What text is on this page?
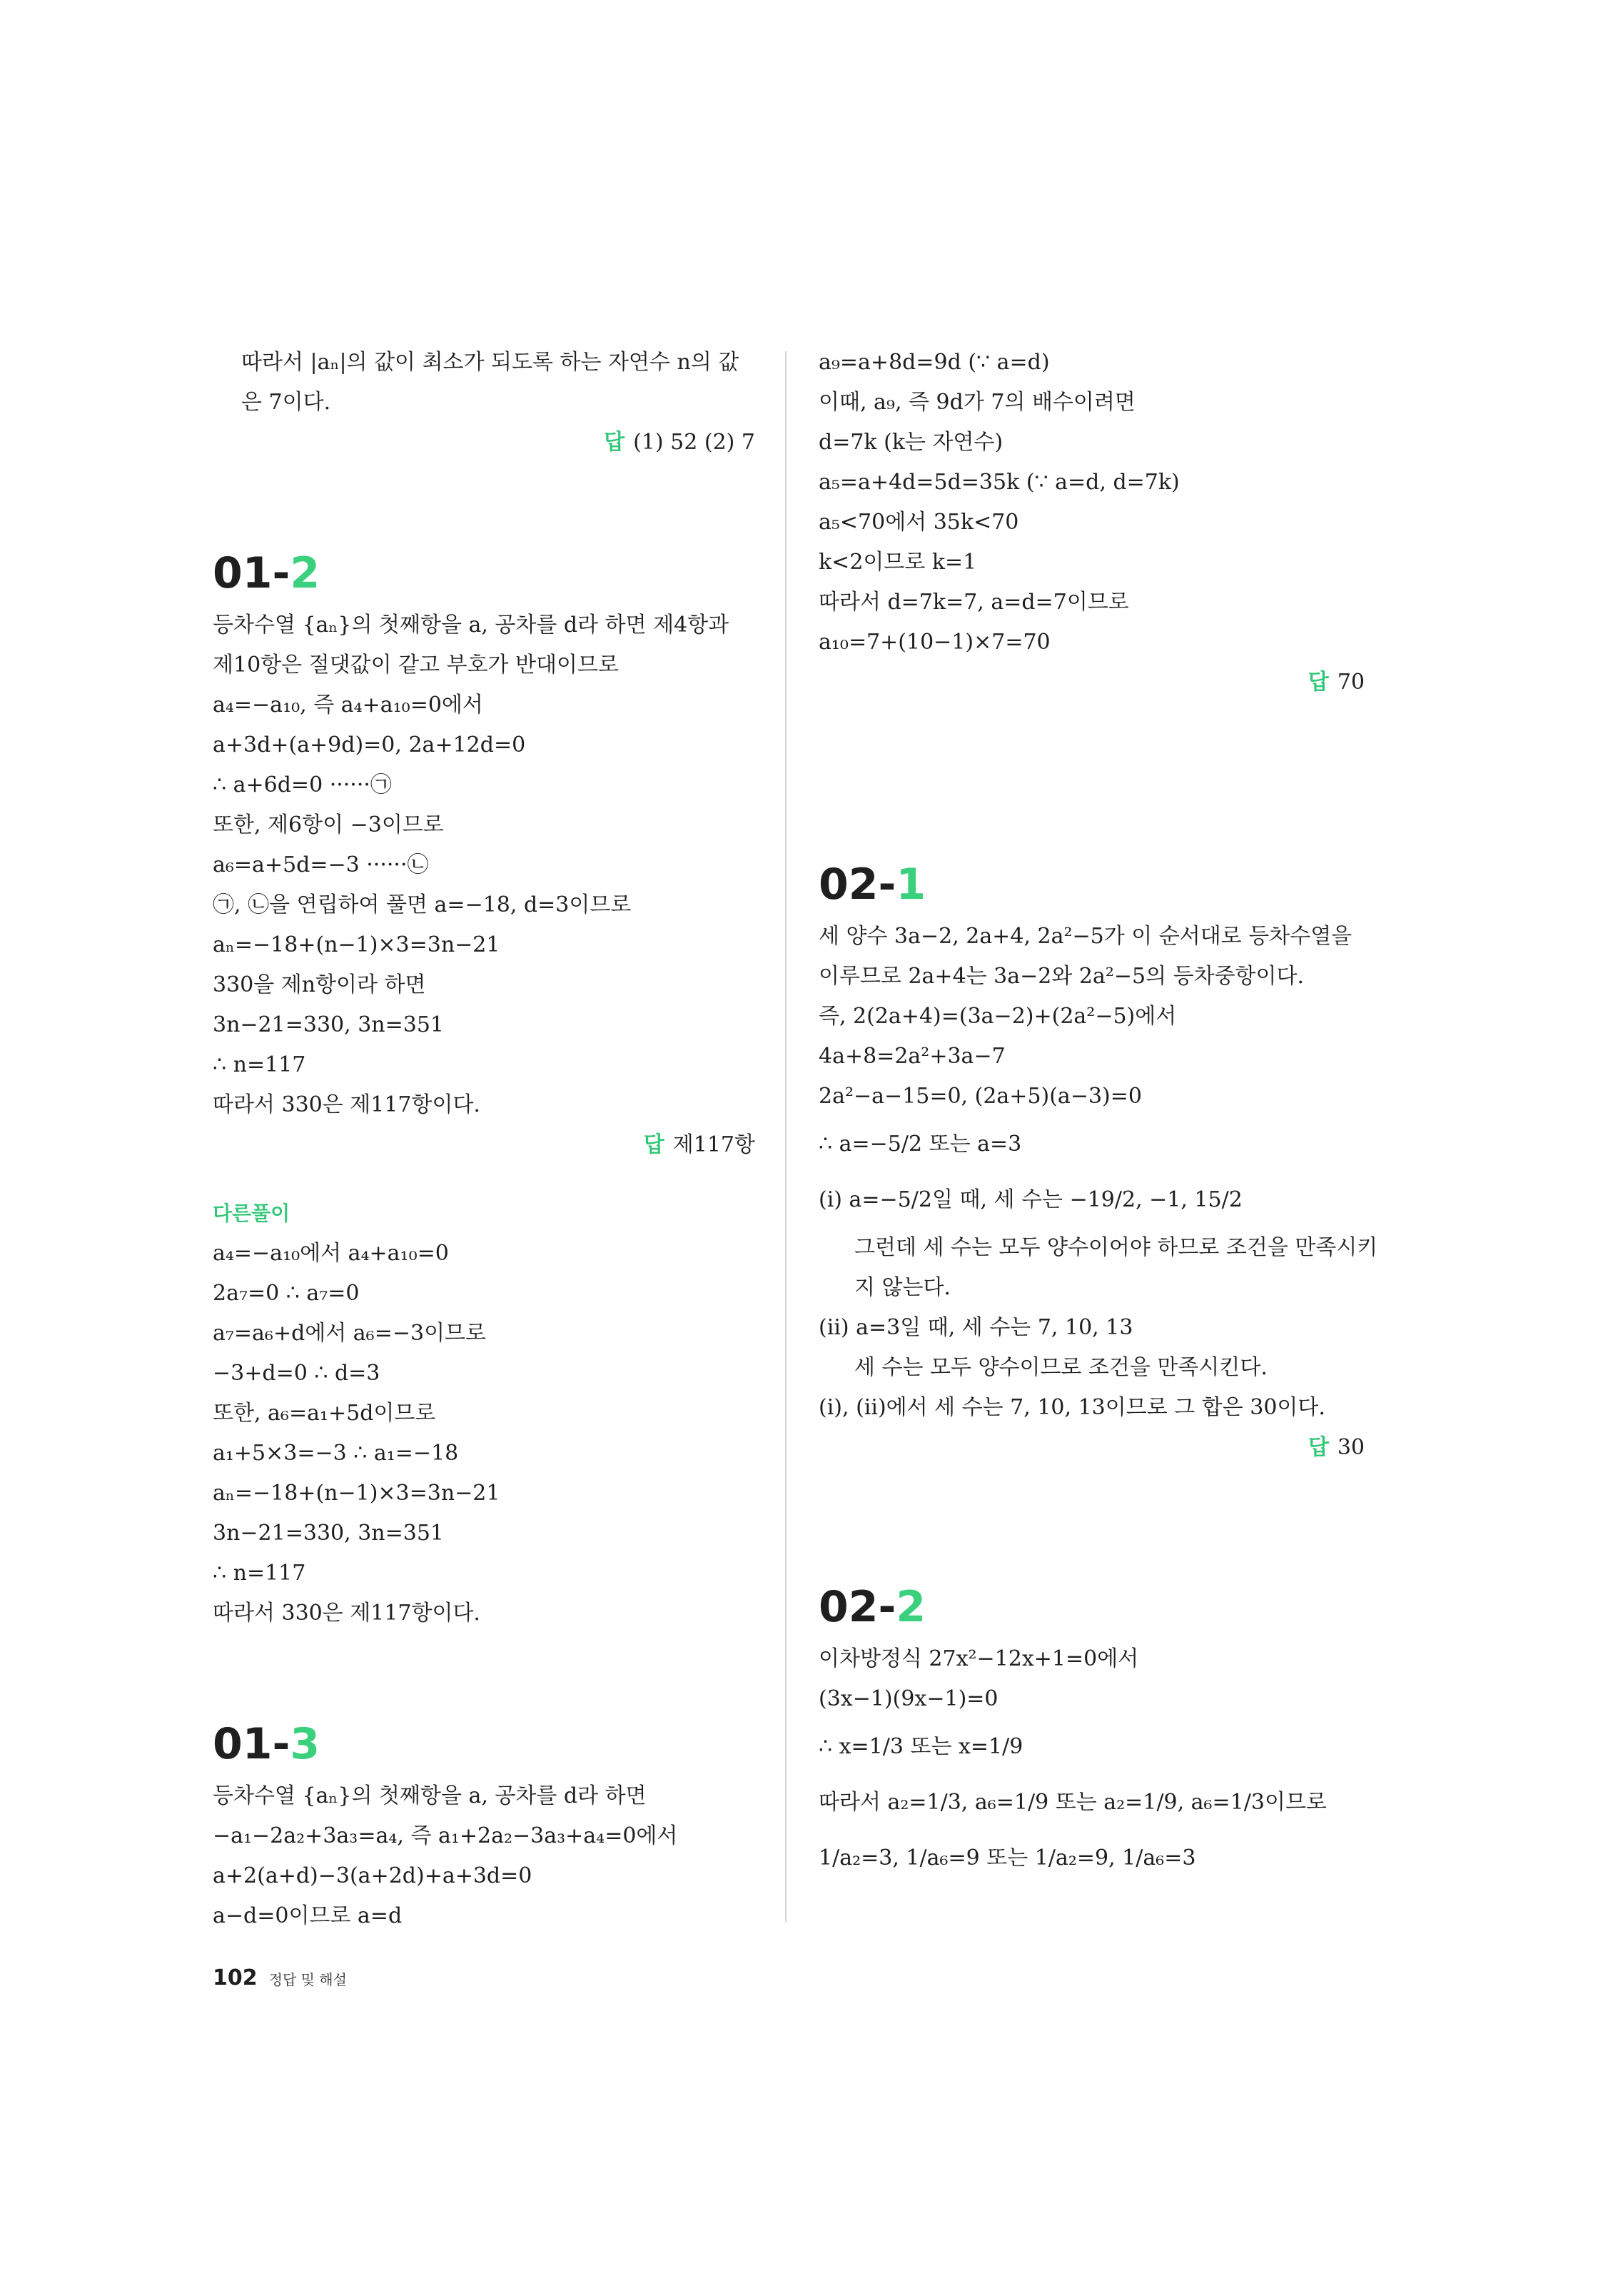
따라서 |aₙ|의 값이 최소가 되도록 하는 자연수 n의 값
은 7이다.
답 (1) 52 (2) 7
01-2
등차수열 {aₙ}의 첫째항을 a, 공차를 d라 하면 제4항과
제10항은 절댓값이 같고 부호가 반대이므로
a₄=−a₁₀, 즉 a₄+a₁₀=0에서
a+3d+(a+9d)=0, 2a+12d=0
∴ a+6d=0 ······㉠
또한, 제6항이 −3이므로
a₆=a+5d=−3 ······㉡
㉠, ㉡을 연립하여 풀면 a=−18, d=3이므로
aₙ=−18+(n−1)×3=3n−21
330을 제n항이라 하면
3n−21=330, 3n=351
∴ n=117
따라서 330은 제117항이다.
답 제117항
다른풀이
a₄=−a₁₀에서 a₄+a₁₀=0
2a₇=0 ∴ a₇=0
a₇=a₆+d에서 a₆=−3이므로
−3+d=0 ∴ d=3
또한, a₆=a₁+5d이므로
a₁+5×3=−3 ∴ a₁=−18
aₙ=−18+(n−1)×3=3n−21
3n−21=330, 3n=351
∴ n=117
따라서 330은 제117항이다.
01-3
등차수열 {aₙ}의 첫째항을 a, 공차를 d라 하면
−a₁−2a₂+3a₃=a₄, 즉 a₁+2a₂−3a₃+a₄=0에서
a+2(a+d)−3(a+2d)+a+3d=0
a−d=0이므로 a=d
a₉=a+8d=9d (∵ a=d)
이때, a₉, 즉 9d가 7의 배수이려면
d=7k (k는 자연수)
a₅=a+4d=5d=35k (∵ a=d, d=7k)
a₅<70에서 35k<70
k<2이므로 k=1
따라서 d=7k=7, a=d=7이므로
a₁₀=7+(10−1)×7=70
답 70
02-1
세 양수 3a−2, 2a+4, 2a²−5가 이 순서대로 등차수열을
이루므로 2a+4는 3a−2와 2a²−5의 등차중항이다.
즉, 2(2a+4)=(3a−2)+(2a²−5)에서
4a+8=2a²+3a−7
2a²−a−15=0, (2a+5)(a−3)=0
∴ a=−5/2 또는 a=3
(ⅰ) a=−5/2일 때, 세 수는 −19/2, −1, 15/2
그런데 세 수는 모두 양수이어야 하므로 조건을 만족시키
지 않는다.
(ⅱ) a=3일 때, 세 수는 7, 10, 13
세 수는 모두 양수이므로 조건을 만족시킨다.
(ⅰ), (ⅱ)에서 세 수는 7, 10, 13이므로 그 합은 30이다.
답 30
02-2
이차방정식 27x²−12x+1=0에서
(3x−1)(9x−1)=0
∴ x=1/3 또는 x=1/9
따라서 a₂=1/3, a₆=1/9 또는 a₂=1/9, a₆=1/3이므로
1/a₂=3, 1/a₆=9 또는 1/a₂=9, 1/a₆=3
102 정답 및 해설
